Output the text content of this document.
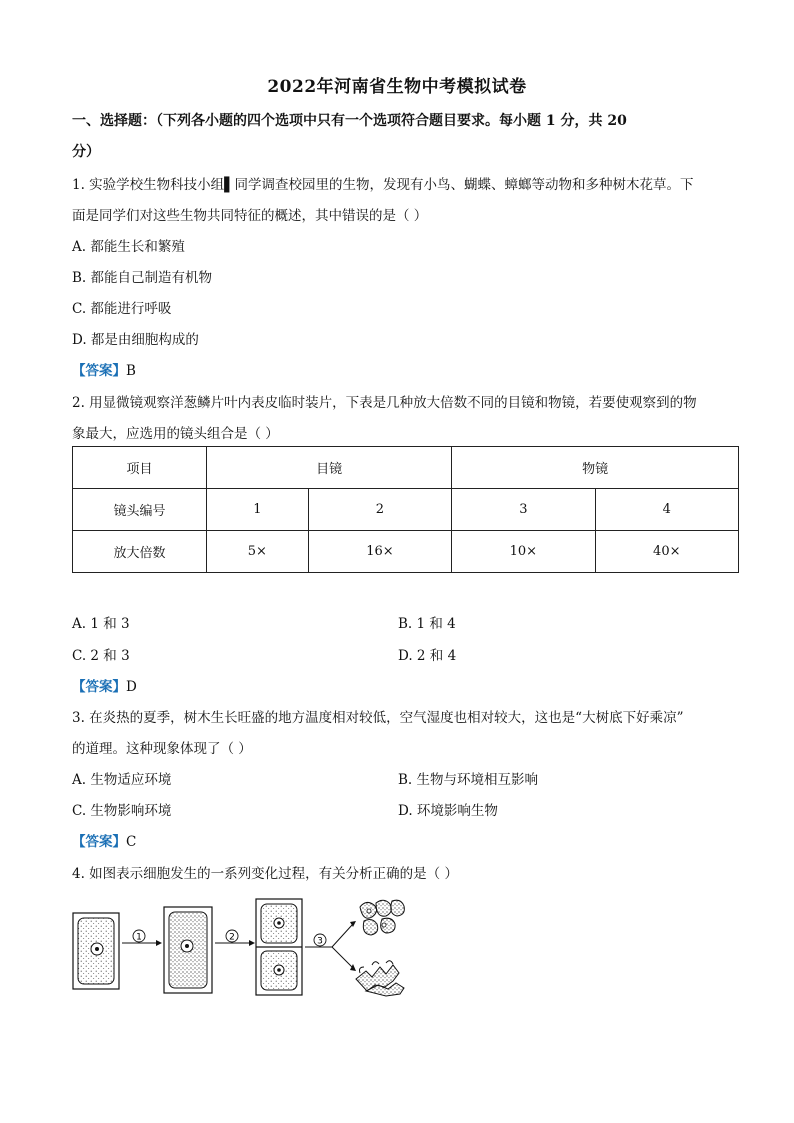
2022年河南省生物中考模拟试卷
一、选择题：（下列各小题的四个选项中只有一个选项符合题目要求。每小题 1 分，共 20
分）
1. 实验学校生物科技小组▌同学调查校园里的生物，发现有小鸟、蝴蝶、蟑螂等动物和多种树木花草。下
面是同学们对这些生物共同特征的概述，其中错误的是（ ）
A. 都能生长和繁殖
B. 都能自己制造有机物
C. 都能进行呼吸
D. 都是由细胞构成的
【答案】B
2. 用显微镜观察洋葱鳞片叶内表皮临时装片，下表是几种放大倍数不同的目镜和物镜，若要使观察到的物
象最大，应选用的镜头组合是（ ）
项目	目镜		物镜	
镜头编号	1	2	3	4
放大倍数	5×	16×	10×	40×
A. 1 和 3	B. 1 和 4
C. 2 和 3	D. 2 和 4
【答案】D
3. 在炎热的夏季，树木生长旺盛的地方温度相对较低，空气湿度也相对较大，这也是“大树底下好乘凉”
的道理。这种现象体现了（ ）
A. 生物适应环境	B. 生物与环境相互影响
C. 生物影响环境	D. 环境影响生物
【答案】C
4. 如图表示细胞发生的一系列变化过程，有关分析正确的是（ ）
1	2	3
